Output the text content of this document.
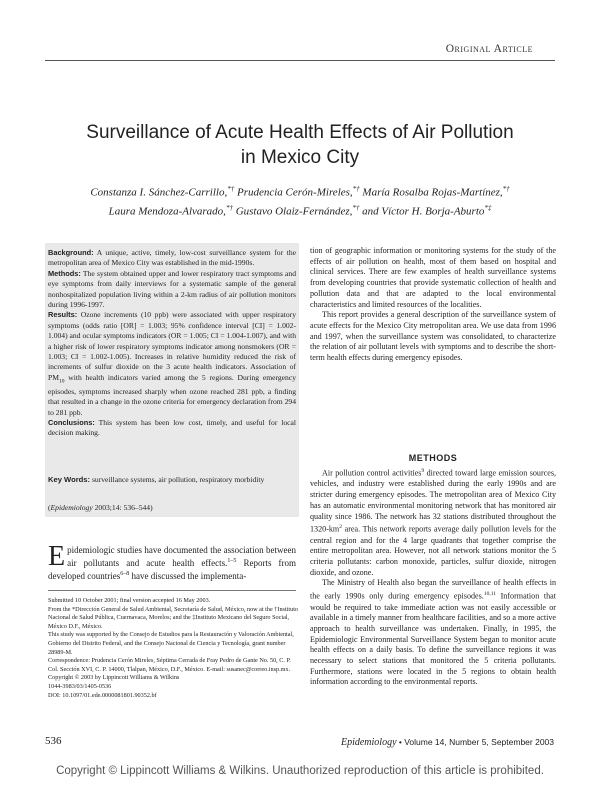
Original Article
Surveillance of Acute Health Effects of Air Pollution
in Mexico City
Constanza I. Sánchez-Carrillo,*† Prudencia Cerón-Mireles,*† María Rosalba Rojas-Martínez,*†
Laura Mendoza-Alvarado,*† Gustavo Olaiz-Fernández,*† and Víctor H. Borja-Aburto*‡

Background: A unique, active, timely, low-cost surveillance system for the metropolitan area of Mexico City was established in the mid-1990s.

Methods: The system obtained upper and lower respiratory tract symptoms and eye symptoms from daily interviews for a systematic sample of the general nonhospitalized population living within a 2-km radius of air pollution monitors during 1996-1997.

Results: Ozone increments (10 ppb) were associated with upper respiratory symptoms (odds ratio [OR] = 1.003; 95% confidence interval [CI] = 1.002-1.004) and ocular symptoms indicators (OR = 1.005; CI = 1.004-1.007), and with a higher risk of lower respiratory symptoms indicator among nonsmokers (OR = 1.003; CI = 1.002-1.005). Increases in relative humidity reduced the risk of increments of sulfur dioxide on the 3 acute health indicators. Association of $PM_{10}$ with health indicators varied among the 5 regions. During emergency episodes, symptoms increased sharply when ozone reached 281 ppb, a finding that resulted in a change in the ozone criteria for emergency declaration from 294 to 281 ppb.

Conclusions: This system has been low cost, timely, and useful for local decision making.

Key Words: surveillance systems, air pollution, respiratory morbidity
(Epidemiology 2003;14: 536–544)
Epidemiologic studies have documented the association between air pollutants and acute health effects.$^{1-5}$ Reports from developed countries$^{6-8}$ have discussed the implementa-

Submitted 10 October 2001; final version accepted 16 May 2003.

From the *Dirección General de Salud Ambiental, Secretaría de Salud, México, now at the †Instituto Nacional de Salud Pública, Cuernavaca, Morelos; and the ‡Instituto Mexicano del Seguro Social, México D.F., México.

This study was supported by the Consejo de Estudios para la Restauración y Valoración Ambiental, Gobierno del Distrito Federal, and the Consejo Nacional de Ciencia y Tecnología, grant number 28989-M.

Correspondence: Prudencia Cerón Mireles, Séptima Cerrada de Fray Pedro de Gante No. 50, C. P. Col. Sección XVI, C. P. 14000, Tlalpan, México, D.F., México. E-mail: susanec@correo.insp.mx.

Copyright © 2003 by Lippincott Williams & Wilkins

1044-3983/03/1405-0536

DOI: 10.1097/01.ede.0000081801.90352.bf

tion of geographic information or monitoring systems for the study of the effects of air pollution on health, most of them based on hospital and clinical services. There are few examples of health surveillance systems from developing countries that provide systematic collection of health and pollution data and that are adapted to the local environmental characteristics and limited resources of the localities.

This report provides a general description of the surveillance system of acute effects for the Mexico City metropolitan area. We use data from 1996 and 1997, when the surveillance system was consolidated, to characterize the relation of air pollutant levels with symptoms and to describe the short-term health effects during emergency episodes.

METHODS

Air pollution control activities$^9$ directed toward large emission sources, vehicles, and industry were established during the early 1990s and are stricter during emergency episodes. The metropolitan area of Mexico City has an automatic environmental monitoring network that has monitored air quality since 1986. The network has 32 stations distributed throughout the $1320-km^2$ area. This network reports average daily pollution levels for the central region and for the 4 large quadrants that together comprise the entire metropolitan area. However, not all network stations monitor the 5 criteria pollutants: carbon monoxide, particles, sulfur dioxide, nitrogen dioxide, and ozone.

The Ministry of Health also began the surveillance of health effects in the early 1990s only during emergency episodes.$^{10,11}$ Information that would be required to take immediate action was not easily accessible or available in a timely manner from healthcare facilities, and so a more active approach to health surveillance was undertaken. Finally, in 1995, the Epidemiologic Environmental Surveillance System began to monitor acute health effects on a daily basis. To define the surveillance regions it was necessary to select stations that monitored the 5 criteria pollutants. Furthermore, stations were located in the 5 regions to obtain health information according to the environmental reports.

536	Epidemiology • Volume 14, Number 5, September 2003
Copyright © Lippincott Williams & Wilkins. Unauthorized reproduction of this article is prohibited.
